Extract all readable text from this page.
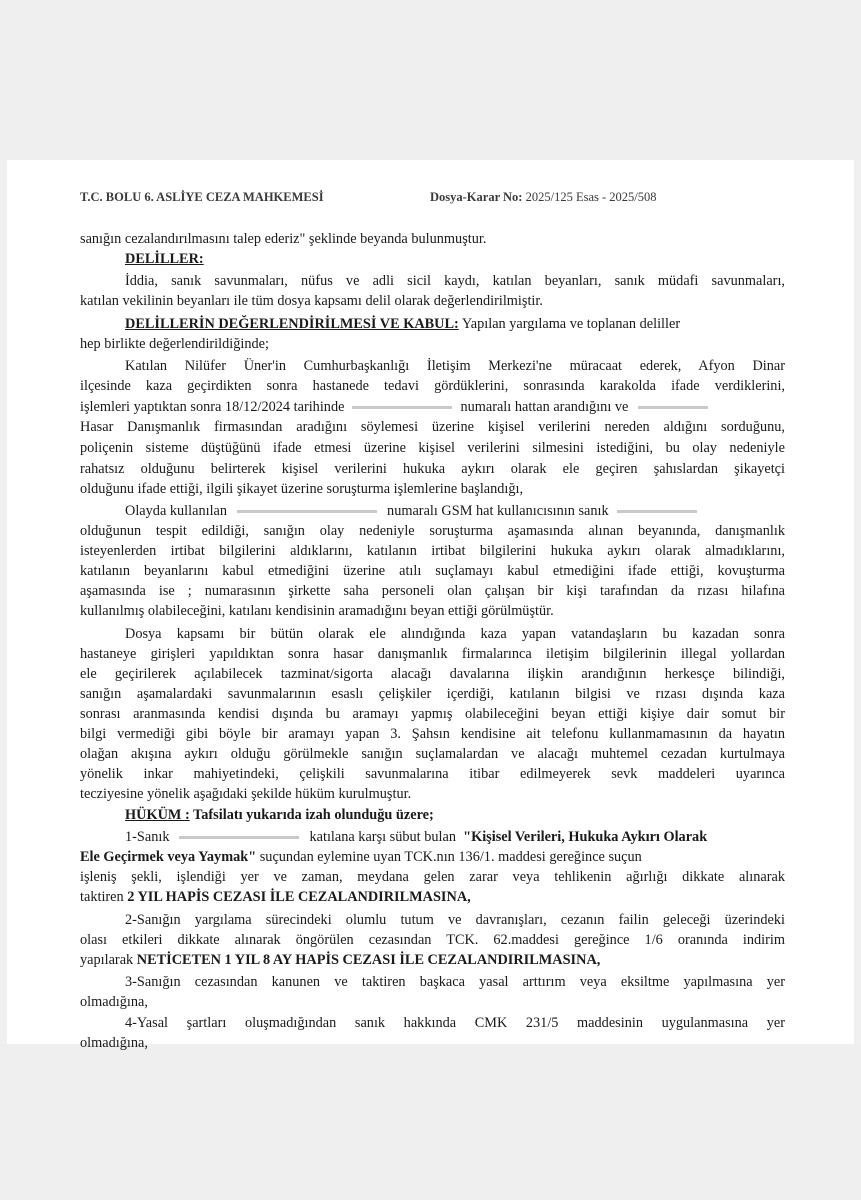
T.C. BOLU 6. ASLİYE CEZA MAHKEMESİ	Dosya-Karar No: 2025/125 Esas - 2025/508
sanığın cezalandırılmasını talep ederiz" şeklinde beyanda bulunmuştur.
DELİLLER:
İddia, sanık savunmaları, nüfus ve adli sicil kaydı, katılan beyanları, sanık müdafi savunmaları,
katılan vekilinin beyanları ile tüm dosya kapsamı delil olarak değerlendirilmiştir.
DELİLLERİN DEĞERLENDİRİLMESİ VE KABUL: Yapılan yargılama ve toplanan deliller
hep birlikte değerlendirildiğinde;
Katılan Nilüfer Üner'in Cumhurbaşkanlığı İletişim Merkezi'ne müracaat ederek, Afyon Dinar
ilçesinde kaza geçirdikten sonra hastanede tedavi gördüklerini, sonrasında karakolda ifade verdiklerini,
işlemleri yaptıktan sonra 18/12/2024 tarihinde	numaralı hattan arandığını ve
Hasar Danışmanlık firmasından aradığını söylemesi üzerine kişisel verilerini nereden aldığını sorduğunu,
poliçenin sisteme düştüğünü ifade etmesi üzerine kişisel verilerini silmesini istediğini, bu olay nedeniyle
rahatsız olduğunu belirterek kişisel verilerini hukuka aykırı olarak ele geçiren şahıslardan şikayetçi
olduğunu ifade ettiği, ilgili şikayet üzerine soruşturma işlemlerine başlandığı,
Olayda kullanılan	numaralı GSM hat kullanıcısının sanık
olduğunun tespit edildiği, sanığın olay nedeniyle soruşturma aşamasında alınan beyanında, danışmanlık
isteyenlerden irtibat bilgilerini aldıklarını, katılanın irtibat bilgilerini hukuka aykırı olarak almadıklarını,
katılanın beyanlarını kabul etmediğini üzerine atılı suçlamayı kabul etmediğini ifade ettiği, kovuşturma
aşamasında ise ; numarasının şirkette saha personeli olan çalışan bir kişi tarafından da rızası hilafına
kullanılmış olabileceğini, katılanı kendisinin aramadığını beyan ettiği görülmüştür.
Dosya kapsamı bir bütün olarak ele alındığında kaza yapan vatandaşların bu kazadan sonra
hastaneye girişleri yapıldıktan sonra hasar danışmanlık firmalarınca iletişim bilgilerinin illegal yollardan
ele geçirilerek açılabilecek tazminat/sigorta alacağı davalarına ilişkin arandığının herkesçe bilindiği,
sanığın aşamalardaki savunmalarının esaslı çelişkiler içerdiği, katılanın bilgisi ve rızası dışında kaza
sonrası aranmasında kendisi dışında bu aramayı yapmış olabileceğini beyan ettiği kişiye dair somut bir
bilgi vermediği gibi böyle bir aramayı yapan 3. Şahsın kendisine ait telefonu kullanmamasının da hayatın
olağan akışına aykırı olduğu görülmekle sanığın suçlamalardan ve alacağı muhtemel cezadan kurtulmaya
yönelik inkar mahiyetindeki, çelişkili savunmalarına itibar edilmeyerek sevk maddeleri uyarınca
tecziyesine yönelik aşağıdaki şekilde hüküm kurulmuştur.
HÜKÜM : Tafsilatı yukarıda izah olunduğu üzere;
1-Sanık	katılana karşı sübut bulan "Kişisel Verileri, Hukuka Aykırı Olarak
Ele Geçirmek veya Yaymak" suçundan eylemine uyan TCK.nın 136/1. maddesi gereğince suçun
işleniş şekli, işlendiği yer ve zaman, meydana gelen zarar veya tehlikenin ağırlığı dikkate alınarak
taktiren 2 YIL HAPİS CEZASI İLE CEZALANDIRILMASINA,
2-Sanığın yargılama sürecindeki olumlu tutum ve davranışları, cezanın failin geleceği üzerindeki
olası etkileri dikkate alınarak öngörülen cezasından TCK. 62.maddesi gereğince 1/6 oranında indirim
yapılarak NETİCETEN 1 YIL 8 AY HAPİS CEZASI İLE CEZALANDIRILMASINA,
3-Sanığın cezasından kanunen ve taktiren başkaca yasal arttırım veya eksiltme yapılmasına yer
olmadığına,
4-Yasal şartları oluşmadığından sanık hakkında CMK 231/5 maddesinin uygulanmasına yer
olmadığına,
